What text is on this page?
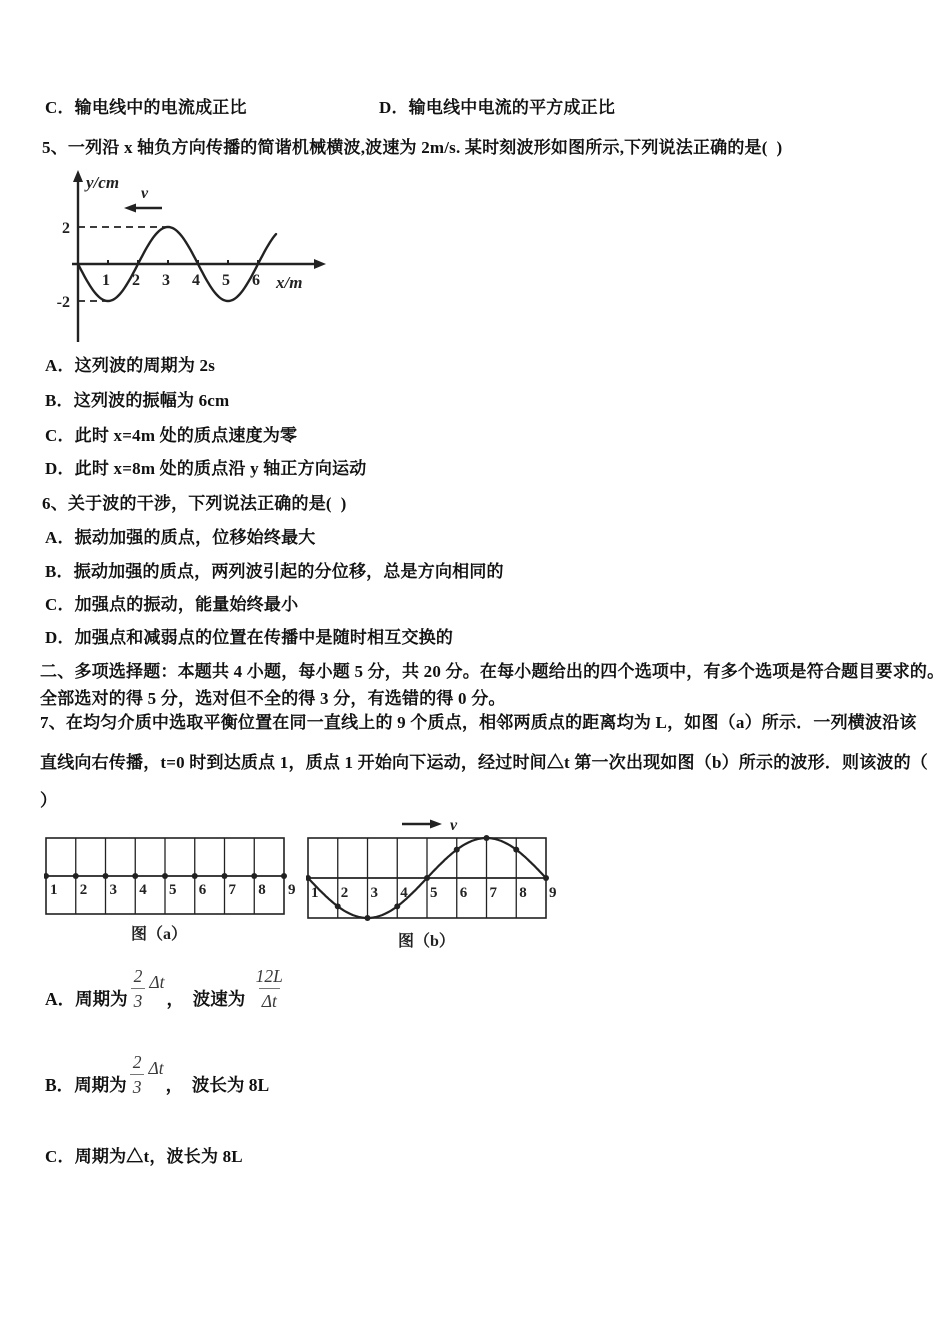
C．输电线中的电流成正比	D．输电线中电流的平方成正比
5、一列沿 x 轴负方向传播的简谐机械横波,波速为 2m/s. 某时刻波形如图所示,下列说法正确的是(  )
y/cm
x/m
1 2 3 4 5 6
2
-2
v
A．这列波的周期为 2s
B．这列波的振幅为 6cm
C．此时 x=4m 处的质点速度为零
D．此时 x=8m 处的质点沿 y 轴正方向运动
6、关于波的干涉，下列说法正确的是(  )
A．振动加强的质点，位移始终最大
B．振动加强的质点，两列波引起的分位移，总是方向相同的
C．加强点的振动，能量始终最小
D．加强点和减弱点的位置在传播中是随时相互交换的
二、多项选择题：本题共 4 小题，每小题 5 分，共 20 分。在每小题给出的四个选项中，有多个选项是符合题目要求的。
全部选对的得 5 分，选对但不全的得 3 分，有选错的得 0 分。
7、在均匀介质中选取平衡位置在同一直线上的 9 个质点，相邻两质点的距离均为 L，如图（a）所示．一列横波沿该
直线向右传播，t=0 时到达质点 1，质点 1 开始向下运动，经过时间△t 第一次出现如图（b）所示的波形．则该波的（
）
1 2 3 4 5 6 7 8 9
图（a）
v
1 2 3 4 5 6 7 8 9
图（b）
A． 周期为 $\frac{2}{3}$ Δt
，  波速为 $\frac{12L}{\Delta t}$
B． 周期为 $\frac{2}{3}$ Δt
，  波长为 8L
C．周期为△t，波长为 8L
